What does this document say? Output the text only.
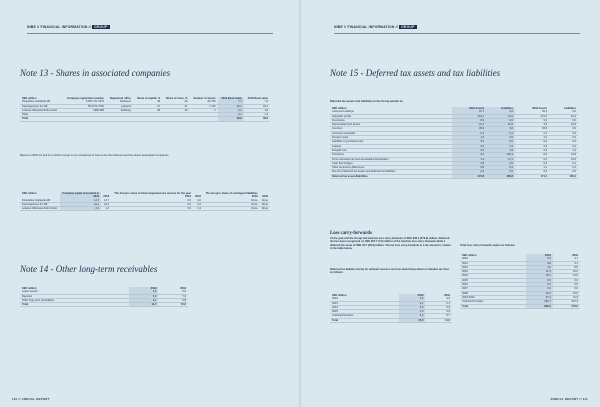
NIBE // FINANCIAL INFORMATION // GROUP	NIBE // FINANCIAL INFORMATION // GROUP
Note 13 - Shares in associated companies
SEK million	Company registration number	Registered office	Share of capital, %	Share of votes, %	Number of shares	2019 Book value	2018 Book value
Dimplektor Hofteknik AB	5 565 741 6270	Markaryd	49	49	83 750	7,3	7,3
Kiwa Espresso Inc AB	55 6471-7052	Leksand	37	37	7 100	29,1	29,1
Lebonet Wärmetechnik GmbH	HRB 988	Salzburg	49	49	2	2,2	1,8
Other						0,1	1,1
Total						39,0	39,3
Based on IFRS 10 and 11 it neither Group is not considered to have a the the influence and the above associated companies.
SEK million	Company equity accounted in		The Group's share of total comprehensive income for the year		The Group's share of contingent liabilities	
	2019	2018	2019	2018	2019	2018
Dimplektor Hofteknik AB	14,7	14,7	0,0	0,0	None	None
Kiwa Espresso Inc AB	44,1	44,1	0,0	0,0	None	None
Lebonet Wärmetechnik GmbH	2,2	1,2	0,3	0,1	None	None
Note 14 - Other long-term receivables
SEK million	2019	2018
Loans issued	0,3	0,9
Deposits	6,6	7,9
Other long-term receivables	8,1	6,8
Total	14,7	15,6
Note 15 - Deferred tax assets and tax liabilities
Deferred tax assets and liabilities in the Group pertain to:
SEK million	2019 Assets	Liabilities	2018 Assets	Liabilities
Land and buildings	41,7	6,6	36,4	5,0
Intangible profits	219,1	12,6	272,2	15,3
Inventories	8,0	0,0	9,3	0,0
Depreciable fixed assets	31,4	22,6	4,5	13,8
Inventory	36,9	3,8	36,8	3,6
Accounts receivable	6,3	0,4	6,1	0,3
Pension costs	1,9	0,6	1,2	0,3
Liabilities to purchase price	0,0	0,0	0,0	0,0
Leasing	0,0	2,3	2,9	0,0
Prepaid cost	0,5	1,9	0,3	1,4
Provisions	0,0	109,3	0,0	10,8
Force derivative tax and accelerated depreciation	4,3	17,2	0,0	13,6
Cash flow hedges	0,8	0,0	0,3	0,1
Other temporary differences	0,8	0,3	1,1	0,4
Set-off of deferred tax assets and deferred tax liabilities	0,6	0,6	0,0	0,0
Deferred tax assets/liabilities	173,8	168,8	171,1	160,4
Loss carry-forwards
At the year-end the Group had total tax loss carry-forwards of SEK 636.4 (579.9) million. Deferred tax has been recognised on SEK 567.7 (0.0) million of the total tax loss carry-forwards while a deferred tax asset of SEK 33.7 (28.9) million. The tax loss carry-forwards in a tax amount is shown in the table below.
Deferred tax liability arising for untaxed reserves and non-taxed dispositions in Sweden are thus as follows:
SEK million	2019	2018
2022	3,6	3,0
2023	0,1	0,1
2024	0,0	0,9
2025	4,0	0,9
Unlimited Duration	0,2	5,7
Total	17,0	11,5
Total loss carry-forwards expire as follows:
SEK million	2019	2018
2020	0,0	4,7
2021	0,8	3,1
2022	4,0	8,5
2023	11,5	16,0
2024	18,4	13,6
2025	0,0	0,0
2026	0,0	0,0
2027	0,3	0,0
2028	10,3	10,5
2029-2034	97,4	41,9
Unlimited Duration	246,7	347,3
Total	636,4	579,9
110 // ANNUAL REPORT	ANNUAL REPORT // 111
